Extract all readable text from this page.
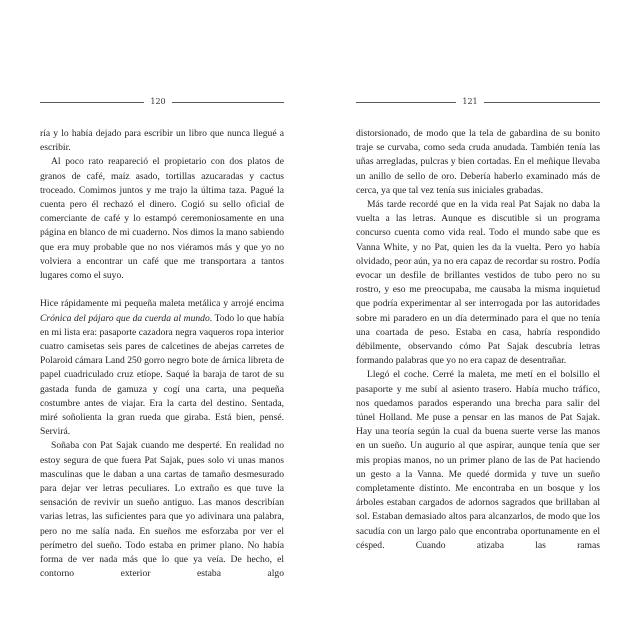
120

ría y lo había dejado para escribir un libro que nunca llegué a escribir.

Al poco rato reapareció el propietario con dos platos de granos de café, maíz asado, tortillas azucaradas y cactus troceado. Comimos juntos y me trajo la última taza. Pagué la cuenta pero él rechazó el dinero. Cogió su sello oficial de comerciante de café y lo estampó ceremoniosamente en una página en blanco de mi cuaderno. Nos dimos la mano sabiendo que era muy probable que no nos viéramos más y que yo no volviera a encontrar un café que me transportara a tantos lugares como el suyo.

Hice rápidamente mi pequeña maleta metálica y arrojé encima Crónica del pájaro que da cuerda al mundo. Todo lo que había en mi lista era: pasaporte cazadora negra vaqueros ropa interior cuatro camisetas seis pares de calcetines de abejas carretes de Polaroid cámara Land 250 gorro negro bote de árnica libreta de papel cuadriculado cruz etíope. Saqué la baraja de tarot de su gastada funda de gamuza y cogí una carta, una pequeña costumbre antes de viajar. Era la carta del destino. Sentada, miré soñolienta la gran rueda que giraba. Está bien, pensé. Servirá.

Soñaba con Pat Sajak cuando me desperté. En realidad no estoy segura de que fuera Pat Sajak, pues solo vi unas manos masculinas que le daban a una cartas de tamaño desmesurado para dejar ver letras peculiares. Lo extraño es que tuve la sensación de revivir un sueño antiguo. Las manos describían varias letras, las suficientes para que yo adivinara una palabra, pero no me salía nada. En sueños me esforzaba por ver el perímetro del sueño. Todo estaba en primer plano. No había forma de ver nada más que lo que ya veía. De hecho, el contorno exterior estaba algo

121

distorsionado, de modo que la tela de gabardina de su bonito traje se curvaba, como seda cruda anudada. También tenía las uñas arregladas, pulcras y bien cortadas. En el meñique llevaba un anillo de sello de oro. Debería haberlo examinado más de cerca, ya que tal vez tenía sus iniciales grabadas.

Más tarde recordé que en la vida real Pat Sajak no daba la vuelta a las letras. Aunque es discutible si un programa concurso cuenta como vida real. Todo el mundo sabe que es Vanna White, y no Pat, quien les da la vuelta. Pero yo había olvidado, peor aún, ya no era capaz de recordar su rostro. Podía evocar un desfile de brillantes vestidos de tubo pero no su rostro, y eso me preocupaba, me causaba la misma inquietud que podría experimentar al ser interrogada por las autoridades sobre mi paradero en un día determinado para el que no tenía una coartada de peso. Estaba en casa, habría respondido débilmente, observando cómo Pat Sajak descubría letras formando palabras que yo no era capaz de desentrañar.

Llegó el coche. Cerré la maleta, me metí en el bolsillo el pasaporte y me subí al asiento trasero. Había mucho tráfico, nos quedamos parados esperando una brecha para salir del túnel Holland. Me puse a pensar en las manos de Pat Sajak. Hay una teoría según la cual da buena suerte verse las manos en un sueño. Un augurio al que aspirar, aunque tenía que ser mis propias manos, no un primer plano de las de Pat haciendo un gesto a la Vanna. Me quedé dormida y tuve un sueño completamente distinto. Me encontraba en un bosque y los árboles estaban cargados de adornos sagrados que brillaban al sol. Estaban demasiado altos para alcanzarlos, de modo que los sacudía con un largo palo que encontraba oportunamente en el césped. Cuando atizaba las ramas
